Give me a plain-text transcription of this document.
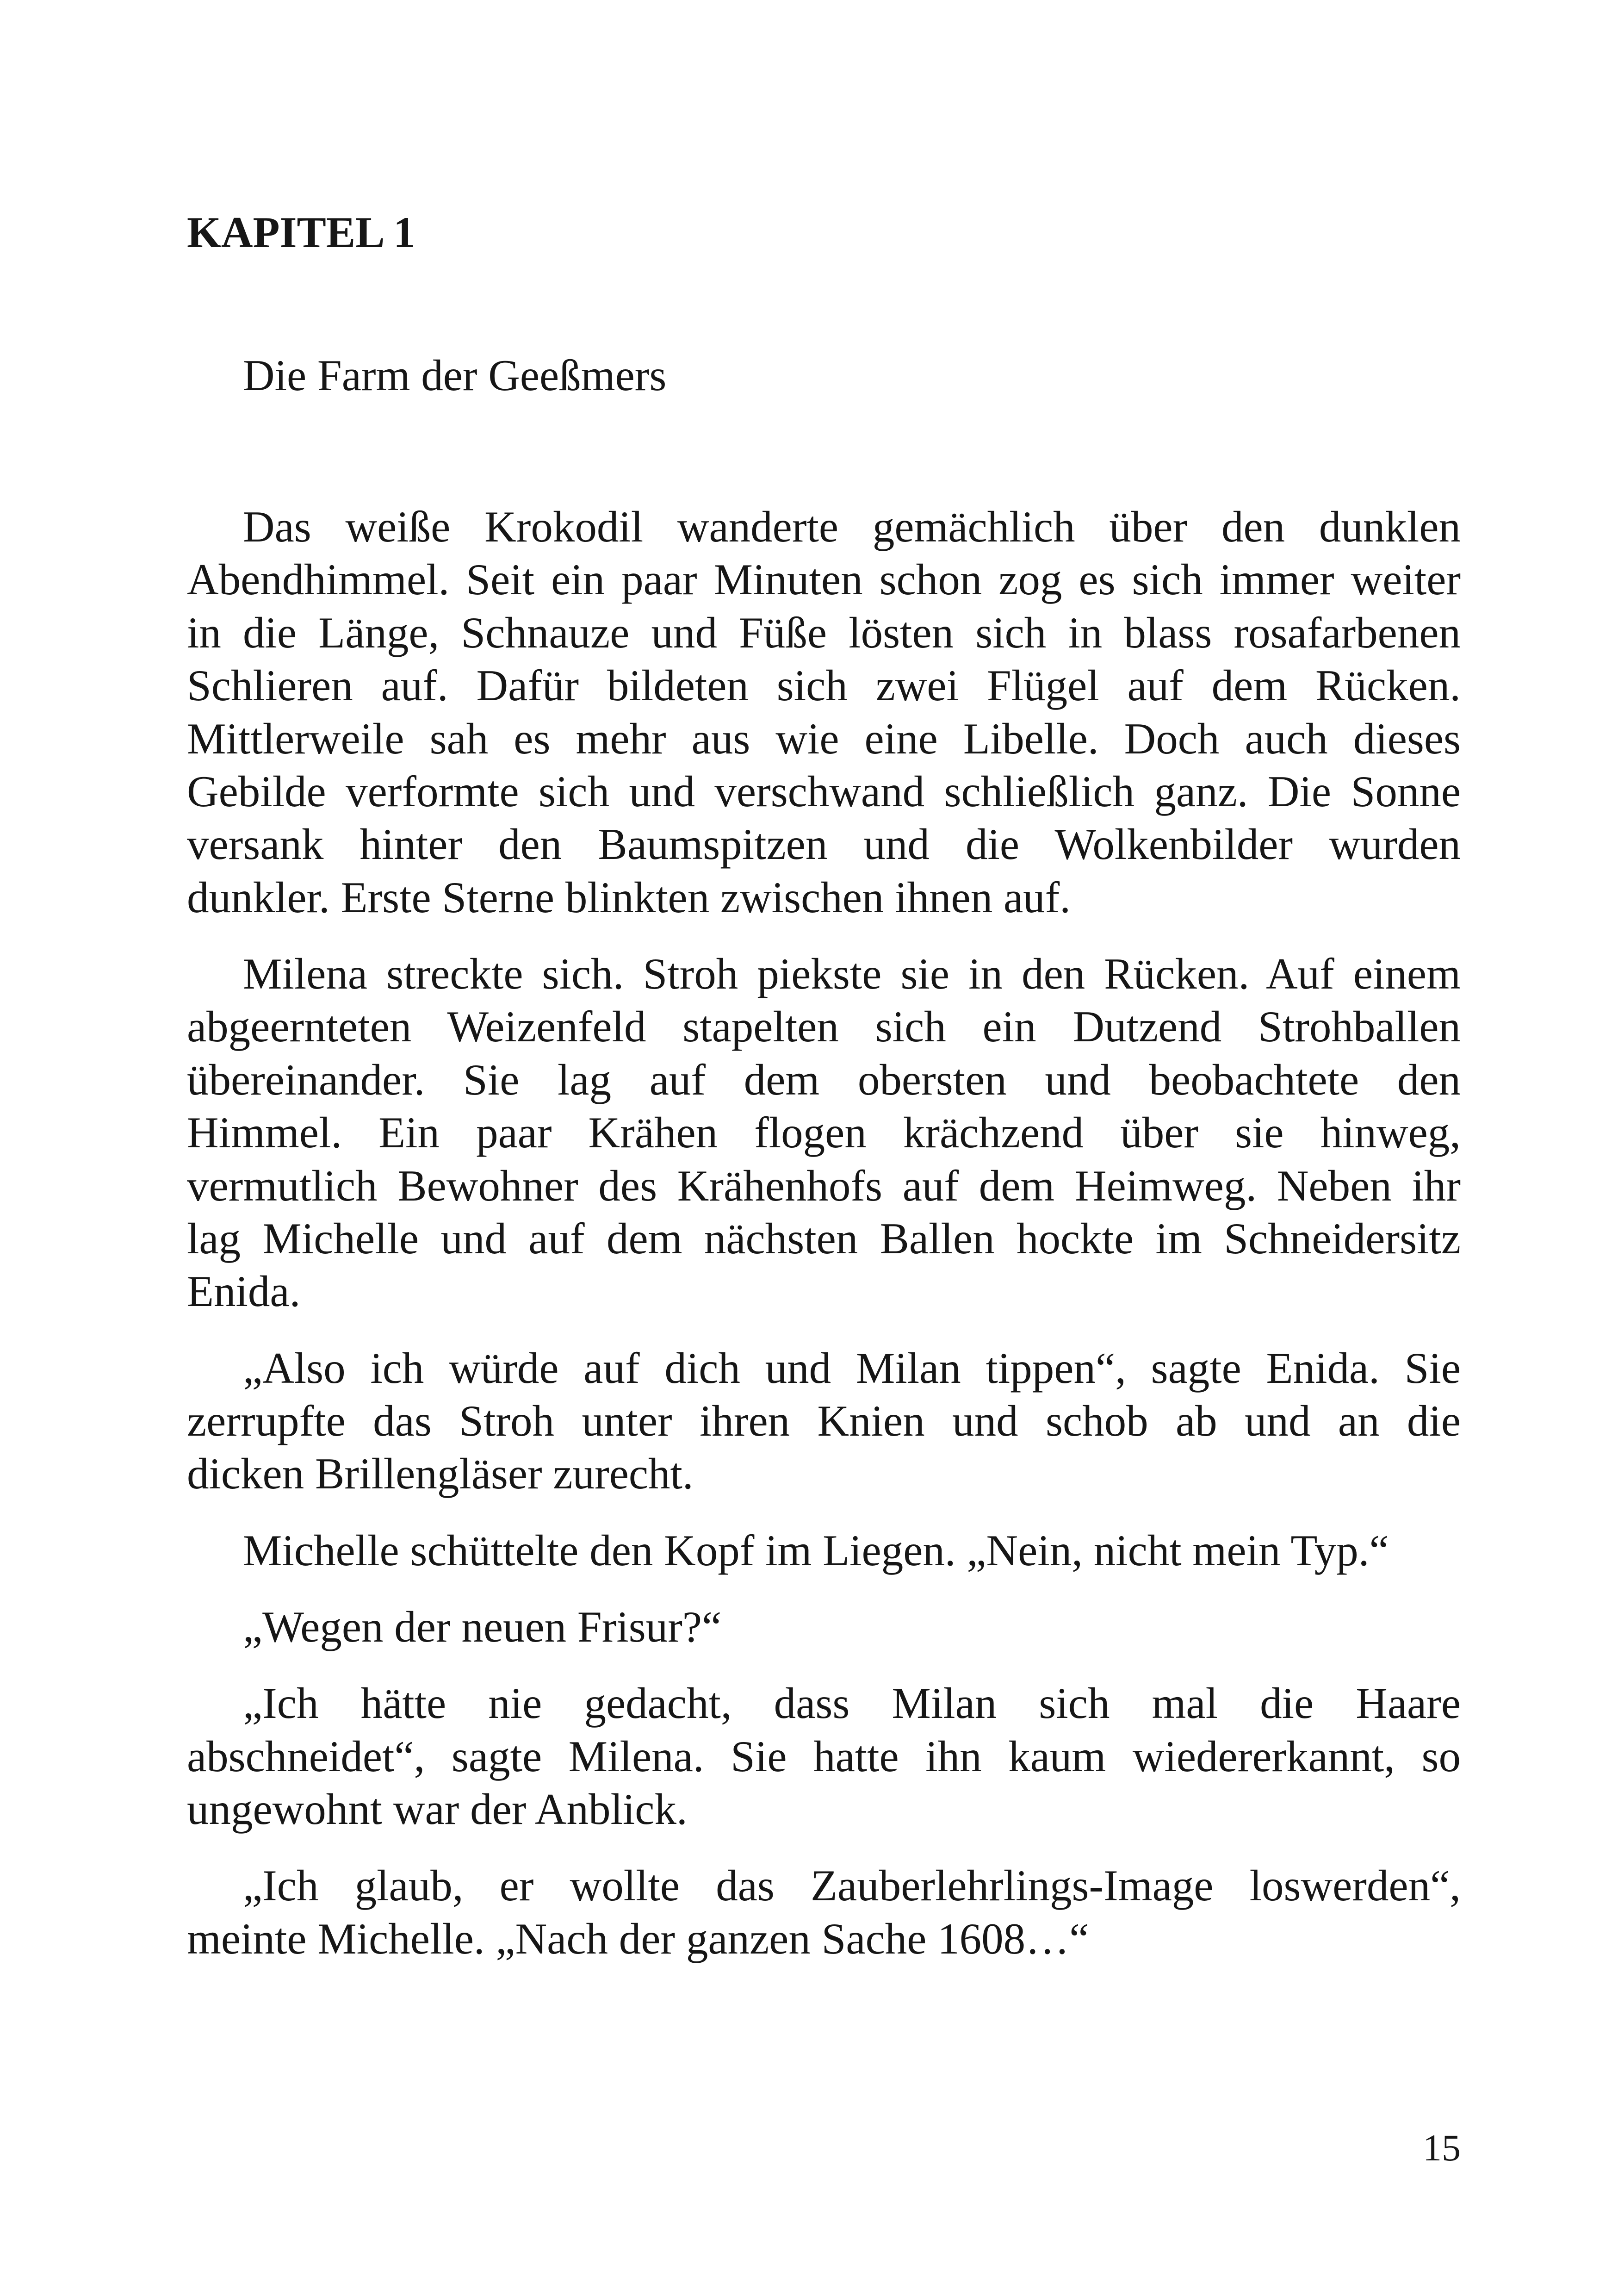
KAPITEL 1
Die Farm der Geeßmers
Das weiße Krokodil wanderte gemächlich über den dunklen
Abendhimmel. Seit ein paar Minuten schon zog es sich immer weiter
in die Länge, Schnauze und Füße lösten sich in blass rosafarbenen
Schlieren auf. Dafür bildeten sich zwei Flügel auf dem Rücken.
Mittlerweile sah es mehr aus wie eine Libelle. Doch auch dieses
Gebilde verformte sich und verschwand schließlich ganz. Die Sonne
versank hinter den Baumspitzen und die Wolkenbilder wurden
dunkler. Erste Sterne blinkten zwischen ihnen auf.
Milena streckte sich. Stroh piekste sie in den Rücken. Auf einem
abgeernteten Weizenfeld stapelten sich ein Dutzend Strohballen
übereinander. Sie lag auf dem obersten und beobachtete den
Himmel. Ein paar Krähen flogen krächzend über sie hinweg,
vermutlich Bewohner des Krähenhofs auf dem Heimweg. Neben ihr
lag Michelle und auf dem nächsten Ballen hockte im Schneidersitz
Enida.
„Also ich würde auf dich und Milan tippen“, sagte Enida. Sie
zerrupfte das Stroh unter ihren Knien und schob ab und an die
dicken Brillengläser zurecht.
Michelle schüttelte den Kopf im Liegen. „Nein, nicht mein Typ.“
„Wegen der neuen Frisur?“
„Ich hätte nie gedacht, dass Milan sich mal die Haare
abschneidet“, sagte Milena. Sie hatte ihn kaum wiedererkannt, so
ungewohnt war der Anblick.
„Ich glaub, er wollte das Zauberlehrlings-Image loswerden“,
meinte Michelle. „Nach der ganzen Sache 1608…“
15
